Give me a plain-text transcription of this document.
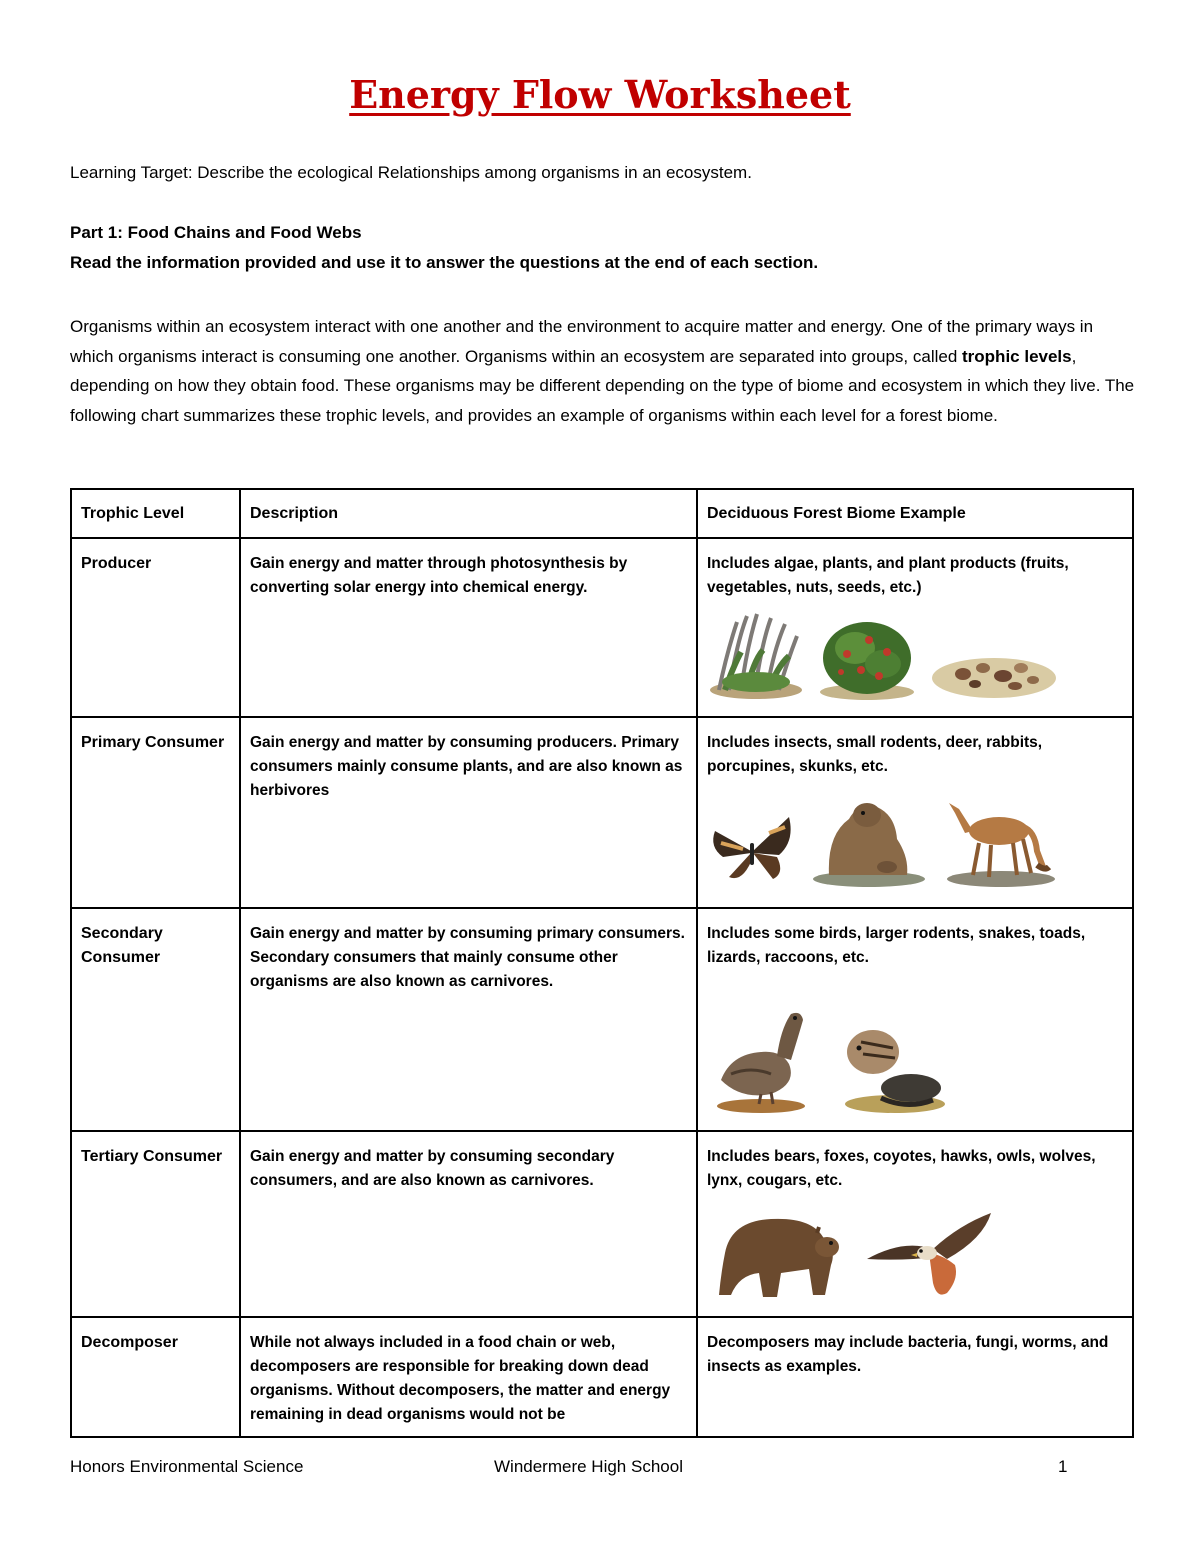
Energy Flow Worksheet
Learning Target: Describe the ecological Relationships among organisms in an ecosystem.
Part 1: Food Chains and Food Webs
Read the information provided and use it to answer the questions at the end of each section.
Organisms within an ecosystem interact with one another and the environment to acquire matter and energy. One of the primary ways in which organisms interact is consuming one another. Organisms within an ecosystem are separated into groups, called trophic levels, depending on how they obtain food. These organisms may be different depending on the type of biome and ecosystem in which they live. The following chart summarizes these trophic levels, and provides an example of organisms within each level for a forest biome.
Trophic Level	Description	Deciduous Forest Biome Example
Producer	Gain energy and matter through photosynthesis by converting solar energy into chemical energy.	Includes algae, plants, and plant products (fruits, vegetables, nuts, seeds, etc.)

Primary Consumer	Gain energy and matter by consuming producers. Primary consumers mainly consume plants, and are also known as herbivores	Includes insects, small rodents, deer, rabbits, porcupines, skunks, etc.

Secondary Consumer	Gain energy and matter by consuming primary consumers. Secondary consumers that mainly consume other organisms are also known as carnivores.	Includes some birds, larger rodents, snakes, toads, lizards, raccoons, etc.

Tertiary Consumer	Gain energy and matter by consuming secondary consumers, and are also known as carnivores.	Includes bears, foxes, coyotes, hawks, owls, wolves, lynx, cougars, etc.

Decomposer	While not always included in a food chain or web, decomposers are responsible for breaking down dead organisms. Without decomposers, the matter and energy remaining in dead organisms would not be	Decomposers may include bacteria, fungi, worms, and insects as examples.
Honors Environmental Science	Windermere High School	1
